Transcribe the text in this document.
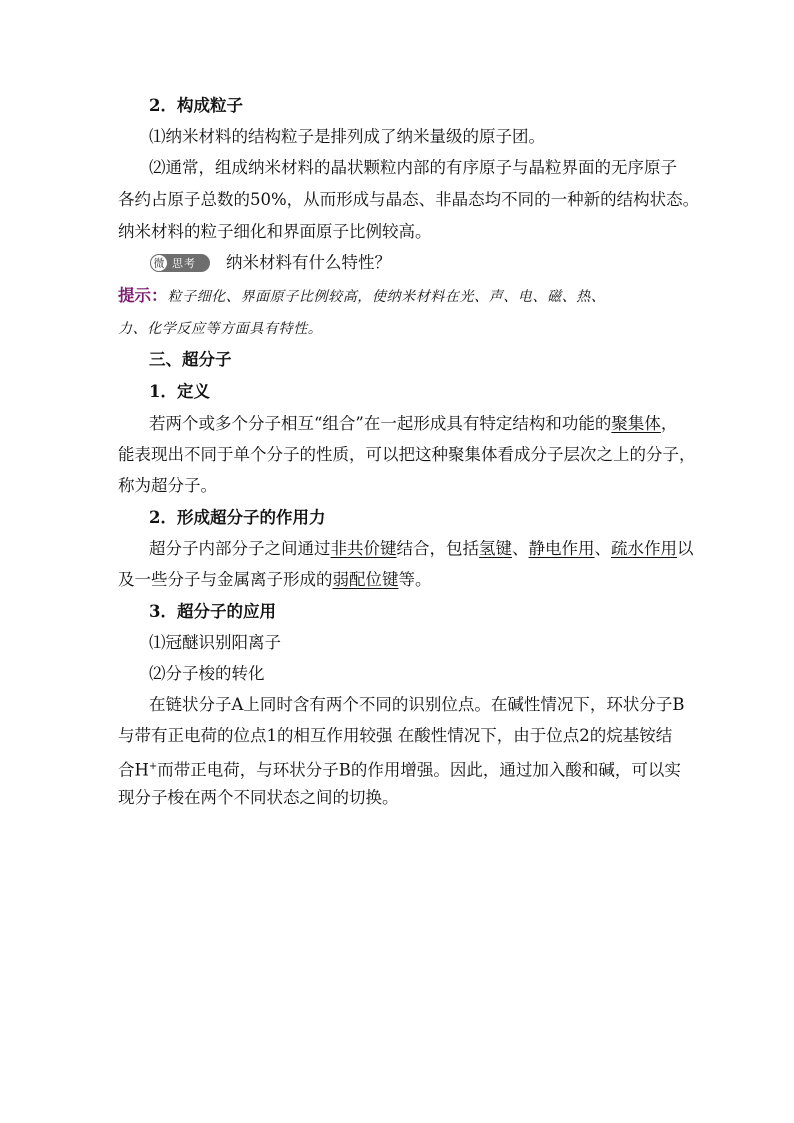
2．构成粒子
⑴纳米材料的结构粒子是排列成了纳米量级的原子团。
⑵通常，组成纳米材料的晶状颗粒内部的有序原子与晶粒界面的无序原子
各约占原子总数的50%，从而形成与晶态、非晶态均不同的一种新的结构状态。
纳米材料的粒子细化和界面原子比例较高。
微 思考 纳米材料有什么特性？
提示：粒子细化、界面原子比例较高，使纳米材料在光、声、电、磁、热、
力、化学反应等方面具有特性。
三、超分子
1．定义
若两个或多个分子相互“组合”在一起形成具有特定结构和功能的聚集体，
能表现出不同于单个分子的性质，可以把这种聚集体看成分子层次之上的分子，
称为超分子。
2．形成超分子的作用力
超分子内部分子之间通过非共价键结合，包括氢键、静电作用、疏水作用以
及一些分子与金属离子形成的弱配位键等。
3．超分子的应用
⑴冠醚识别阳离子
⑵分子梭的转化
在链状分子A上同时含有两个不同的识别位点。在碱性情况下，环状分子B
与带有正电荷的位点1的相互作用较强 在酸性情况下，由于位点2的烷基铵结
合H+而带正电荷，与环状分子B的作用增强。因此，通过加入酸和碱，可以实
现分子梭在两个不同状态之间的切换。
